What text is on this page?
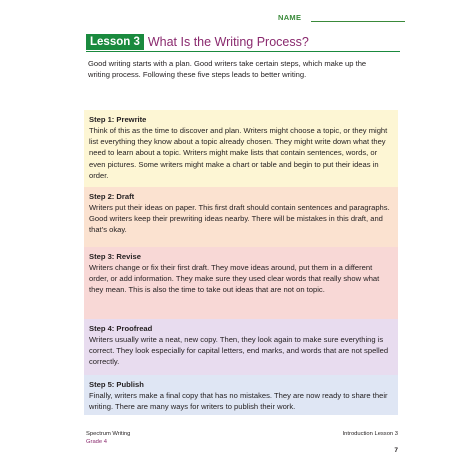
NAME
Lesson 3 What Is the Writing Process?

Good writing starts with a plan. Good writers take certain steps, which make up the writing process. Following these five steps leads to better writing.

Step 1: Prewrite
Think of this as the time to discover and plan. Writers might choose a topic, or they might list everything they know about a topic already chosen. They might write down what they need to learn about a topic. Writers might make lists that contain sentences, words, or even pictures. Some writers might make a chart or table and begin to put their ideas in order.
Step 2: Draft
Writers put their ideas on paper. This first draft should contain sentences and paragraphs. Good writers keep their prewriting ideas nearby. There will be mistakes in this draft, and that’s okay.
Step 3: Revise
Writers change or fix their first draft. They move ideas around, put them in a different order, or add information. They make sure they used clear words that really show what they mean. This is also the time to take out ideas that are not on topic.
Step 4: Proofread
Writers usually write a neat, new copy. Then, they look again to make sure everything is correct. They look especially for capital letters, end marks, and words that are not spelled correctly.
Step 5: Publish
Finally, writers make a final copy that has no mistakes. They are now ready to share their writing. There are many ways for writers to publish their work.
Spectrum Writing
Grade 4
Introduction Lesson 3
7
